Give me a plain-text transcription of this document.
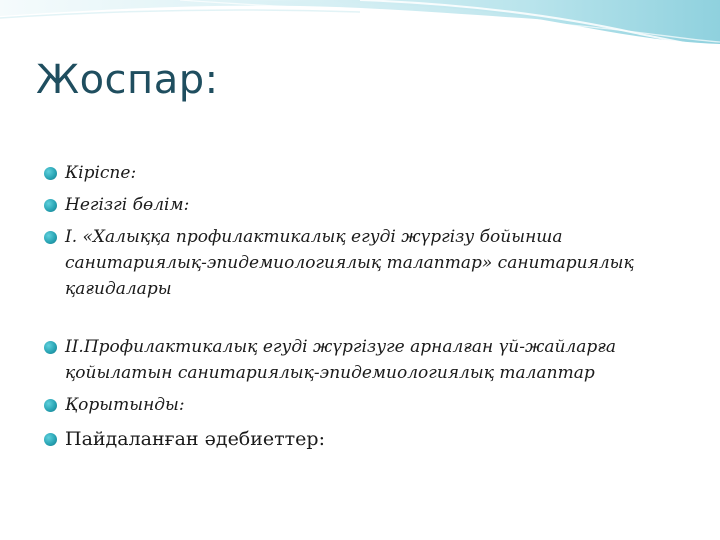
Жоспар:
Кіріспе:
Негізгі бөлім:
І. «Халыққа профилактикалық егуді жүргізу бойынша санитариялық-эпидемиологиялық талаптар» санитариялық қағидалары
ІІ.Профилактикалық егуді жүргізуге арналған үй-жайларға қойылатын санитариялық-эпидемиологиялық талаптар
Қорытынды:
Пайдаланған әдебиеттер:
